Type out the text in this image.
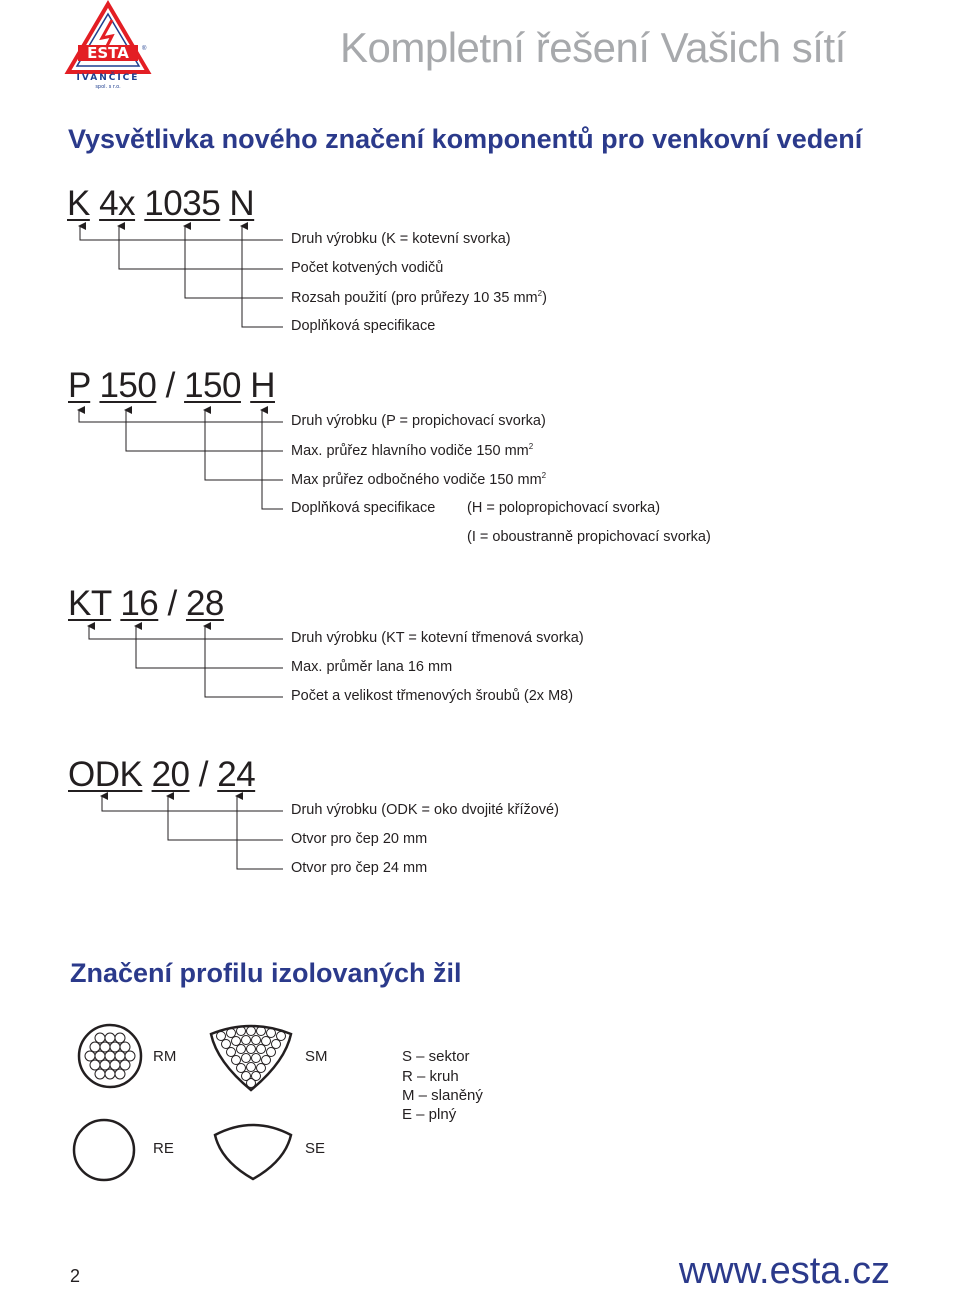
ESTA ®
IVANČICE
spol. s r.o.
Kompletní řešení Vašich sítí
Vysvětlivka nového značení komponentů pro venkovní vedení
K 4x 1035 N
Druh výrobku (K = kotevní svorka)
Počet kotvených vodičů
Rozsah použití (pro průřezy 10 35 $mm^2$)
Doplňková specifikace
P 150 / 150 H
Druh výrobku (P = propichovací svorka)
Max. průřez hlavního vodiče 150 $mm^2$
Max průřez odbočného vodiče 150 $mm^2$
Doplňková specifikace (H = polopropichovací svorka)
(I = oboustranně propichovací svorka)
KT 16 / 28
Druh výrobku (KT = kotevní třmenová svorka)
Max. průměr lana 16 mm
Počet a velikost třmenových šroubů (2x M8)
ODK 20 / 24
Druh výrobku (ODK = oko dvojité křížové)
Otvor pro čep 20 mm
Otvor pro čep 24 mm
Značení profilu izolovaných žil
RM	SM
RE	SE
S – sektor
R – kruh
M – slaněný
E – plný
2	www.esta.cz
